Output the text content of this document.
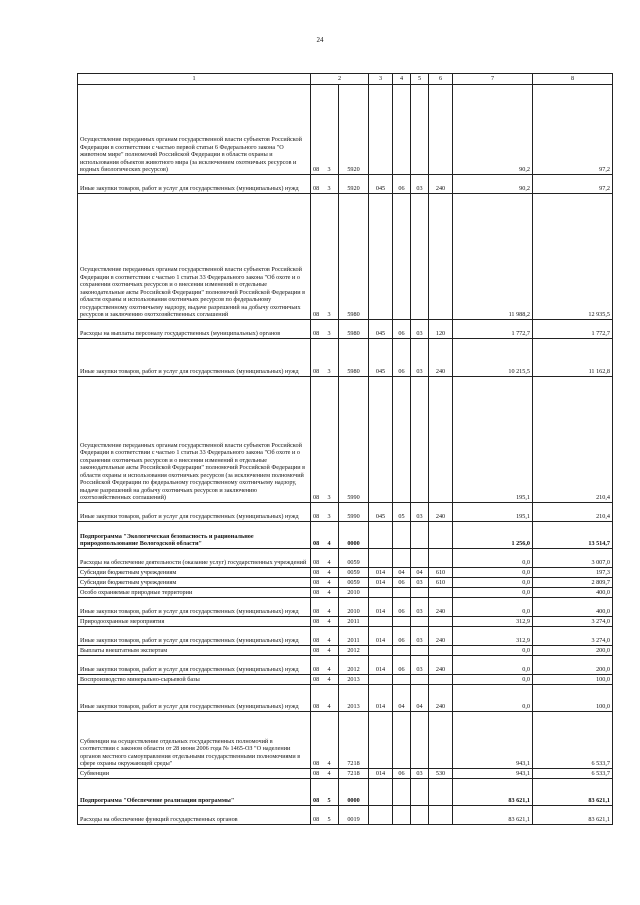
24
1	2			3	4	5	6	7	8
Осуществление переданных органам государственной власти субъектов Российской Федерации в соответствии с частью первой статьи 6 Федерального закона "О животном мире" полномочий Российской Федерации в области охраны и использования объектов животного мира (за исключением охотничьих ресурсов и водных биологических ресурсов)	08	3	5920					90,2	97,2
Иные закупки товаров, работ и услуг для государственных (муниципальных) нужд	08	3	5920	045	06	03	240	90,2	97,2
Осуществление переданных органам государственной власти субъектов Российской Федерации в соответствии с частью 1 статьи 33 Федерального закона "Об охоте и о сохранении охотничьих ресурсов и о внесении изменений в отдельные законодательные акты Российской Федерации" полномочий Российской Федерации в области охраны и использования охотничьих ресурсов по федеральному государственному охотничьему надзору, выдаче разрешений на добычу охотничьих ресурсов и заключению охотхозяйственных соглашений	08	3	5980					11 988,2	12 935,5
Расходы на выплаты персоналу государственных (муниципальных) органов	08	3	5980	045	06	03	120	1 772,7	1 772,7
Иные закупки товаров, работ и услуг для государственных (муниципальных) нужд	08	3	5980	045	06	03	240	10 215,5	11 162,8
Осуществление переданных органам государственной власти субъектов Российской Федерации в соответствии с частью 1 статьи 33 Федерального закона "Об охоте и о сохранении охотничьих ресурсов и о внесении изменений в отдельные законодательные акты Российской Федерации" полномочий Российской Федерации в области охраны и использования охотничьих ресурсов (за исключением полномочий Российской Федерации по федеральному государственному охотничьему надзору, выдаче разрешений на добычу охотничьих ресурсов и заключению охотхозяйственных соглашений)	08	3	5990					195,1	210,4
Иные закупки товаров, работ и услуг для государственных (муниципальных) нужд	08	3	5990	045	05	03	240	195,1	210,4
Подпрограмма "Экологическая безопасность и рациональное природопользование Вологодской области"	08	4	0000					1 256,0	13 514,7
Расходы на обеспечение деятельности (оказание услуг) государственных учреждений	08	4	0059					0,0	3 007,0
Субсидии бюджетным учреждениям	08	4	0059	014	04	04	610	0,0	197,3
Субсидии бюджетным учреждениям	08	4	0059	014	06	03	610	0,0	2 809,7
Особо охраняемые природные территории	08	4	2010					0,0	400,0
Иные закупки товаров, работ и услуг для государственных (муниципальных) нужд	08	4	2010	014	06	03	240	0,0	400,0
Природоохранные мероприятия	08	4	2011					312,9	3 274,0
Иные закупки товаров, работ и услуг для государственных (муниципальных) нужд	08	4	2011	014	06	03	240	312,9	3 274,0
Выплаты внештатным экспертам	08	4	2012					0,0	200,0
Иные закупки товаров, работ и услуг для государственных (муниципальных) нужд	08	4	2012	014	06	03	240	0,0	200,0
Воспроизводство минерально-сырьевой базы	08	4	2013					0,0	100,0
Иные закупки товаров, работ и услуг для государственных (муниципальных) нужд	08	4	2013	014	04	04	240	0,0	100,0
Субвенции на осуществление отдельных государственных полномочий в соответствии с законом области от 28 июня 2006 года № 1465-ОЗ "О наделении органов местного самоуправления отдельными государственными полномочиями в сфере охраны окружающей среды"	08	4	7218					943,1	6 533,7
Субвенции	08	4	7218	014	06	03	530	943,1	6 533,7
Подпрограмма "Обеспечение реализации программы"	08	5	0000					83 621,1	83 621,1
Расходы на обеспечение функций государственных органов	08	5	0019					83 621,1	83 621,1
